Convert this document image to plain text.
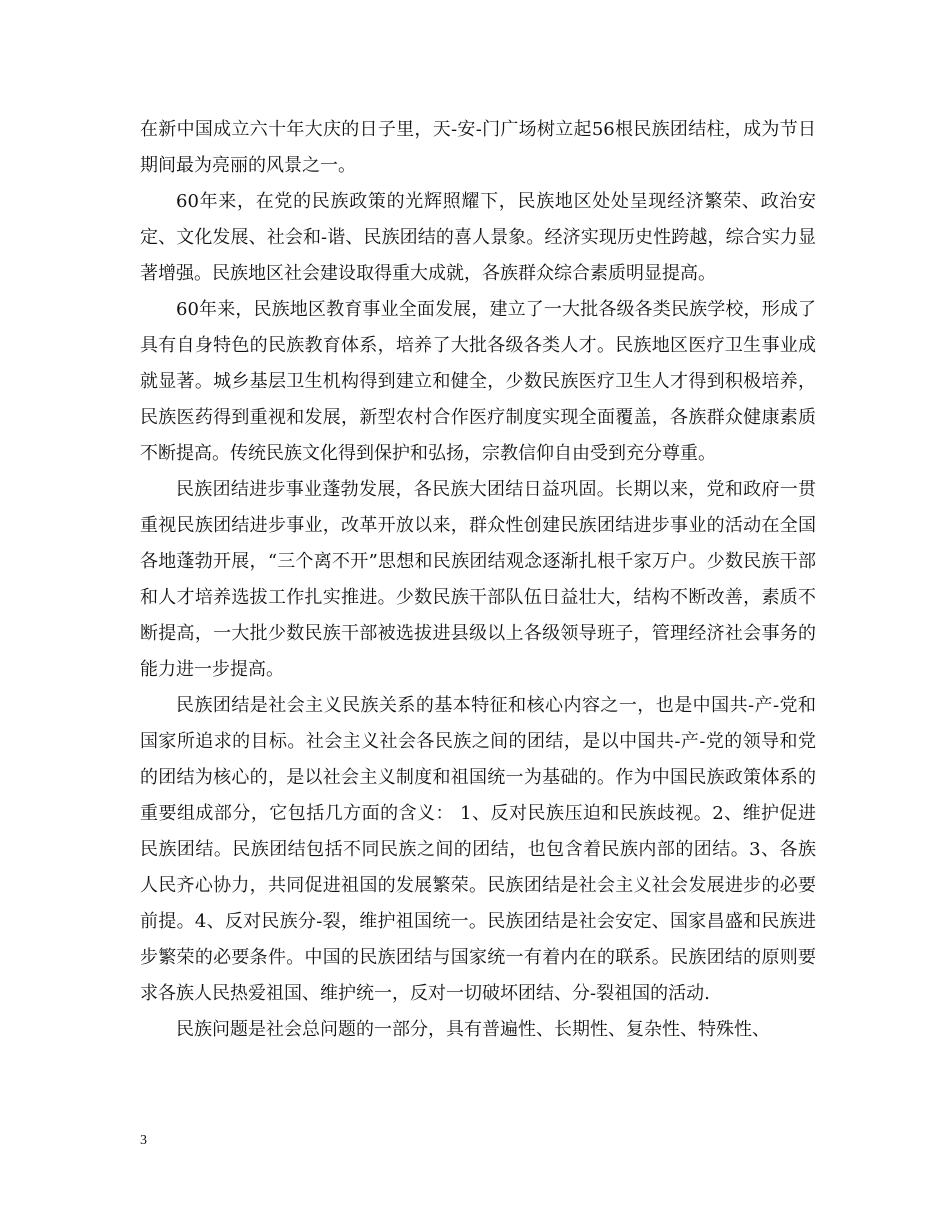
在新中国成立六十年大庆的日子里，天-安-门广场树立起56根民族团结柱，成为节日期间最为亮丽的风景之一。

60年来，在党的民族政策的光辉照耀下，民族地区处处呈现经济繁荣、政治安定、文化发展、社会和-谐、民族团结的喜人景象。经济实现历史性跨越，综合实力显著增强。民族地区社会建设取得重大成就，各族群众综合素质明显提高。

60年来，民族地区教育事业全面发展，建立了一大批各级各类民族学校，形成了具有自身特色的民族教育体系，培养了大批各级各类人才。民族地区医疗卫生事业成就显著。城乡基层卫生机构得到建立和健全，少数民族医疗卫生人才得到积极培养，民族医药得到重视和发展，新型农村合作医疗制度实现全面覆盖，各族群众健康素质不断提高。传统民族文化得到保护和弘扬，宗教信仰自由受到充分尊重。

民族团结进步事业蓬勃发展，各民族大团结日益巩固。长期以来，党和政府一贯重视民族团结进步事业，改革开放以来，群众性创建民族团结进步事业的活动在全国各地蓬勃开展，“三个离不开”思想和民族团结观念逐渐扎根千家万户。少数民族干部和人才培养选拔工作扎实推进。少数民族干部队伍日益壮大，结构不断改善，素质不断提高，一大批少数民族干部被选拔进县级以上各级领导班子，管理经济社会事务的能力进一步提高。

民族团结是社会主义民族关系的基本特征和核心内容之一，也是中国共-产-党和国家所追求的目标。社会主义社会各民族之间的团结，是以中国共-产-党的领导和党的团结为核心的，是以社会主义制度和祖国统一为基础的。作为中国民族政策体系的重要组成部分，它包括几方面的含义： 1、反对民族压迫和民族歧视。2、维护促进民族团结。民族团结包括不同民族之间的团结，也包含着民族内部的团结。3、各族人民齐心协力，共同促进祖国的发展繁荣。民族团结是社会主义社会发展进步的必要前提。4、反对民族分-裂，维护祖国统一。民族团结是社会安定、国家昌盛和民族进步繁荣的必要条件。中国的民族团结与国家统一有着内在的联系。民族团结的原则要求各族人民热爱祖国、维护统一，反对一切破坏团结、分-裂祖国的活动.

民族问题是社会总问题的一部分，具有普遍性、长期性、复杂性、特殊性、

3
